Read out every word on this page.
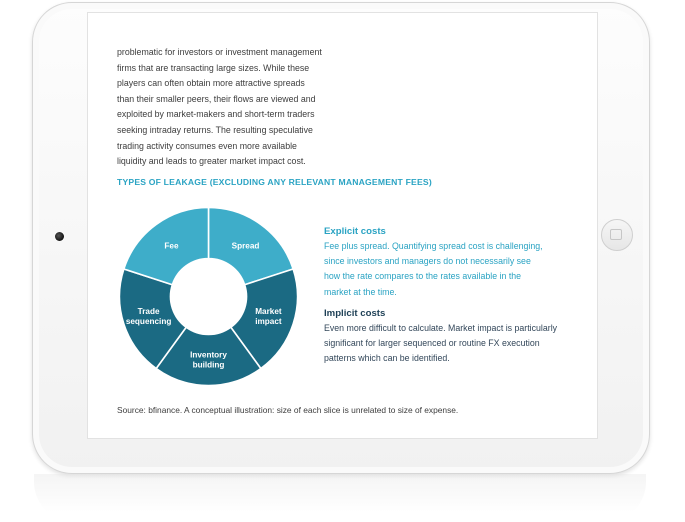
problematic for investors or investment management
firms that are transacting large sizes. While these
players can often obtain more attractive spreads
than their smaller peers, their flows are viewed and
exploited by market-makers and short-term traders
seeking intraday returns. The resulting speculative
trading activity consumes even more available
liquidity and leads to greater market impact cost.
TYPES OF LEAKAGE (EXCLUDING ANY RELEVANT MANAGEMENT FEES)
Spread
Market impact
Inventory building
Trade sequencing
Fee
Explicit costs
Fee plus spread. Quantifying spread cost is challenging,
since investors and managers do not necessarily see
how the rate compares to the rates available in the
market at the time.
Implicit costs
Even more difficult to calculate. Market impact is particularly
significant for larger sequenced or routine FX execution
patterns which can be identified.
Source: bfinance. A conceptual illustration: size of each slice is unrelated to size of expense.
